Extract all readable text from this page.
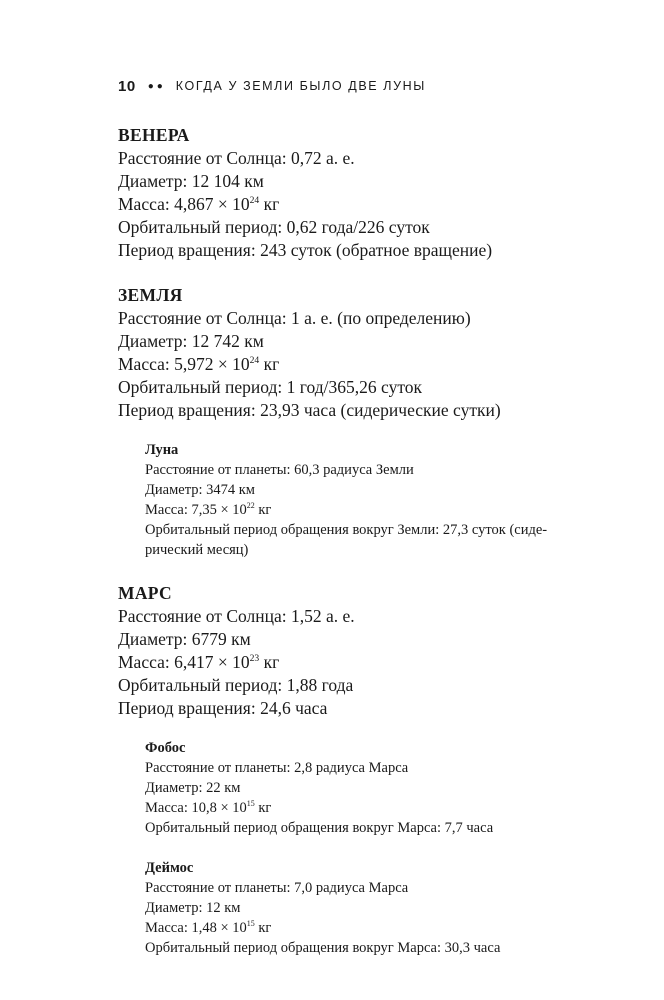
10 ●● КОГДА У ЗЕМЛИ БЫЛО ДВЕ ЛУНЫ
ВЕНЕРА
Расстояние от Солнца: 0,72 а. е.
Диаметр: 12 104 км
Масса: $4,867 \times 10^{24}$ кг
Орбитальный период: 0,62 года/226 суток
Период вращения: 243 суток (обратное вращение)
ЗЕМЛЯ
Расстояние от Солнца: 1 а. е. (по определению)
Диаметр: 12 742 км
Масса: $5,972 \times 10^{24}$ кг
Орбитальный период: 1 год/365,26 суток
Период вращения: 23,93 часа (сидерические сутки)
Луна
Расстояние от планеты: 60,3 радиуса Земли
Диаметр: 3474 км
Масса: $7,35 \times 10^{22}$ кг
Орбитальный период обращения вокруг Земли: 27,3 суток (сиде-рический месяц)
МАРС
Расстояние от Солнца: 1,52 а. е.
Диаметр: 6779 км
Масса: $6,417 \times 10^{23}$ кг
Орбитальный период: 1,88 года
Период вращения: 24,6 часа
Фобос
Расстояние от планеты: 2,8 радиуса Марса
Диаметр: 22 км
Масса: $10,8 \times 10^{15}$ кг
Орбитальный период обращения вокруг Марса: 7,7 часа
Деймос
Расстояние от планеты: 7,0 радиуса Марса
Диаметр: 12 км
Масса: $1,48 \times 10^{15}$ кг
Орбитальный период обращения вокруг Марса: 30,3 часа
